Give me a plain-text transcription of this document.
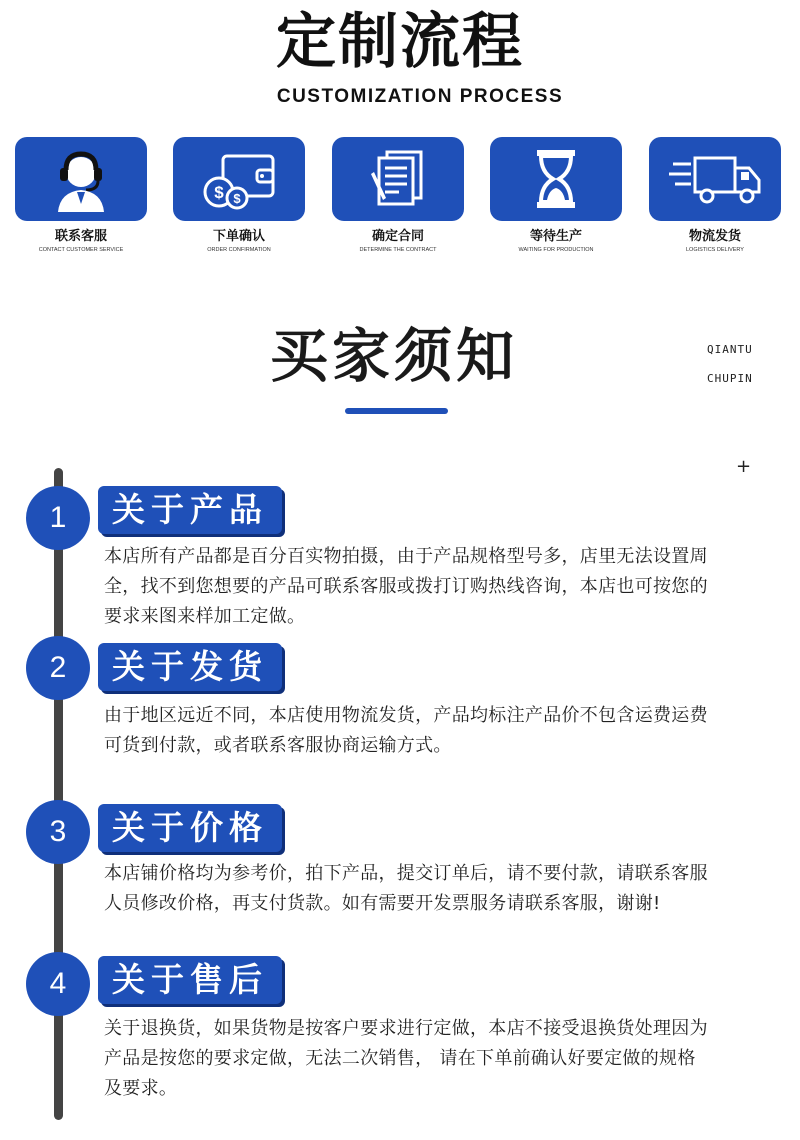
定制流程
CUSTOMIZATION PROCESS
联系客服
CONTACT CUSTOMER SERVICE
$ $
下单确认
ORDER CONFIRMATION
确定合同
DETERMINE THE CONTRACT
等待生产
WAITING FOR PRODUCTION
物流发货
LOGISTICS DELIVERY
买家须知	QIANTU
CHUPIN
+
1	关于产品
本店所有产品都是百分百实物拍摄，由于产品规格型号多，店里无法设置周全，找不到您想要的产品可联系客服或拨打订购热线咨询，本店也可按您的要求来图来样加工定做。
2	关于发货
由于地区远近不同，本店使用物流发货，产品均标注产品价不包含运费运费可货到付款，或者联系客服协商运输方式。
3	关于价格
本店铺价格均为参考价，拍下产品，提交订单后，请不要付款，请联系客服人员修改价格，再支付货款。如有需要开发票服务请联系客服，谢谢!
4	关于售后
关于退换货，如果货物是按客户要求进行定做，本店不接受退换货处理因为产品是按您的要求定做，无法二次销售， 请在下单前确认好要定做的规格及要求。
